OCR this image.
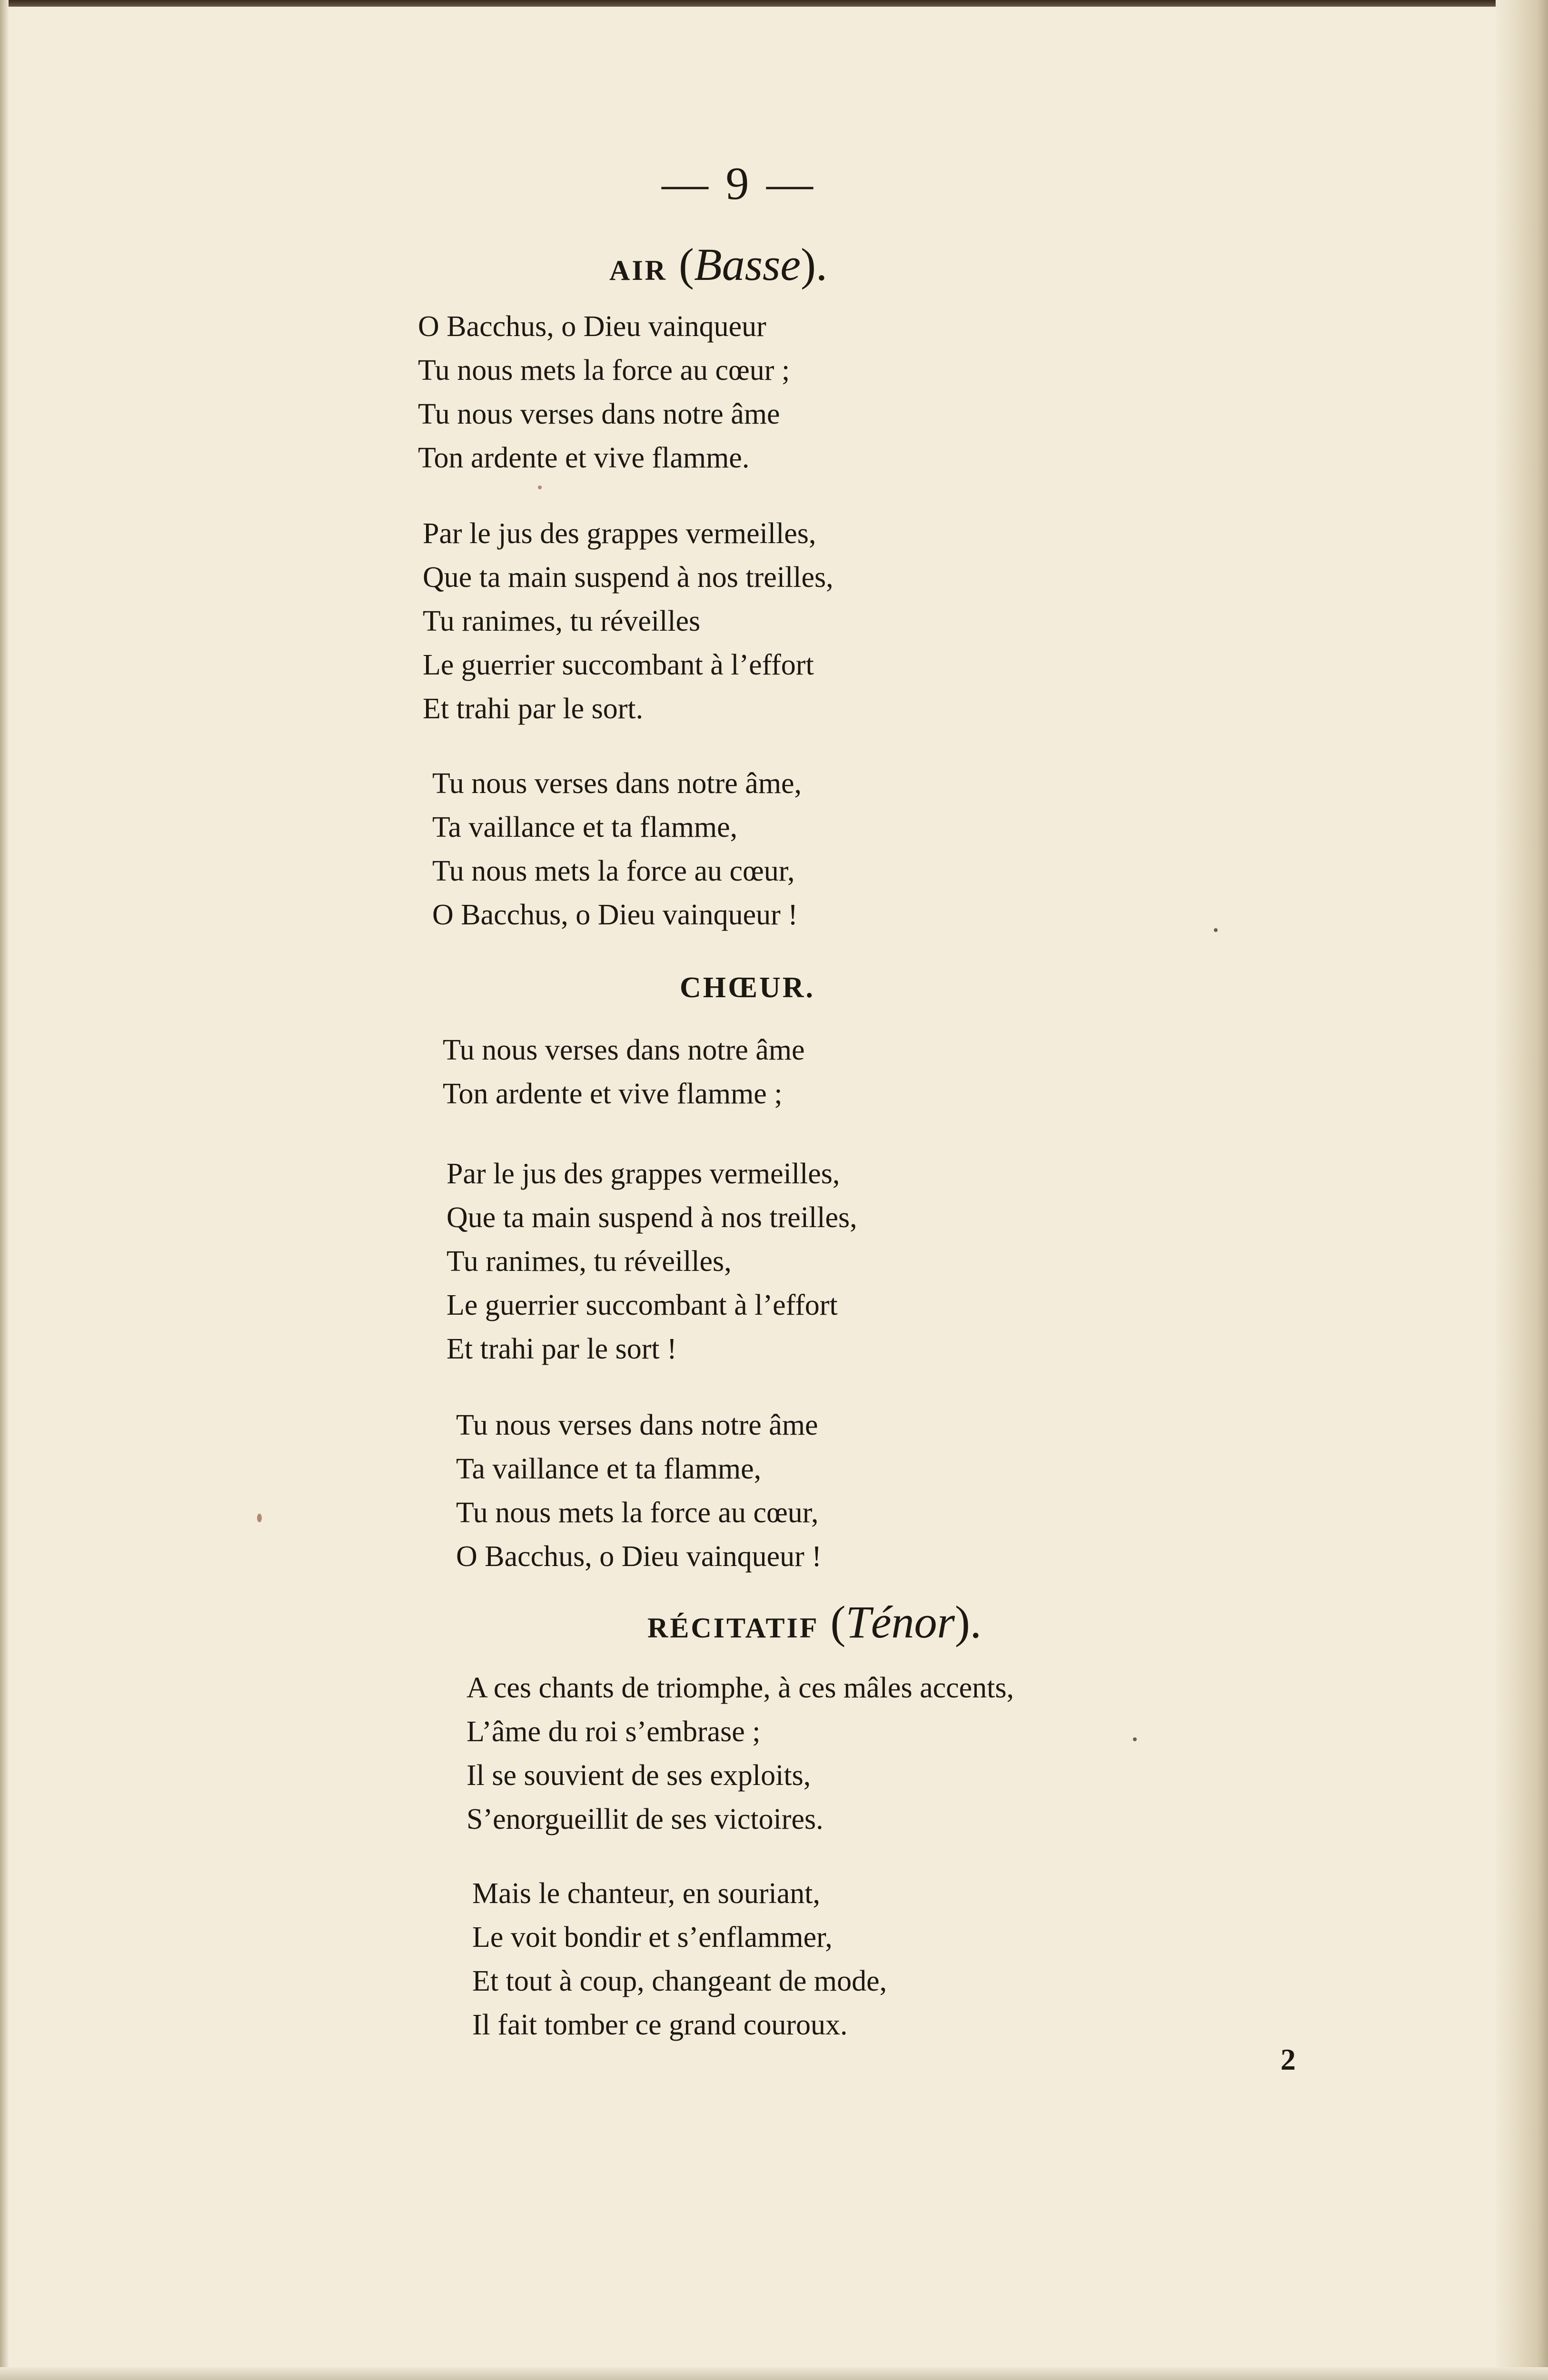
— 9 —
AIR (Basse).
O Bacchus, o Dieu vainqueur
Tu nous mets la force au cœur ;
Tu nous verses dans notre âme
Ton ardente et vive flamme.
Par le jus des grappes vermeilles,
Que ta main suspend à nos treilles,
Tu ranimes, tu réveilles
Le guerrier succombant à l’effort
Et trahi par le sort.
Tu nous verses dans notre âme,
Ta vaillance et ta flamme,
Tu nous mets la force au cœur,
O Bacchus, o Dieu vainqueur !
CHŒUR.
Tu nous verses dans notre âme
Ton ardente et vive flamme ;
Par le jus des grappes vermeilles,
Que ta main suspend à nos treilles,
Tu ranimes, tu réveilles,
Le guerrier succombant à l’effort
Et trahi par le sort !
Tu nous verses dans notre âme
Ta vaillance et ta flamme,
Tu nous mets la force au cœur,
O Bacchus, o Dieu vainqueur !
RÉCITATIF (Ténor).
A ces chants de triomphe, à ces mâles accents,
L’âme du roi s’embrase ;
Il se souvient de ses exploits,
S’enorgueillit de ses victoires.
Mais le chanteur, en souriant,
Le voit bondir et s’enflammer,
Et tout à coup, changeant de mode,
Il fait tomber ce grand couroux.
2
